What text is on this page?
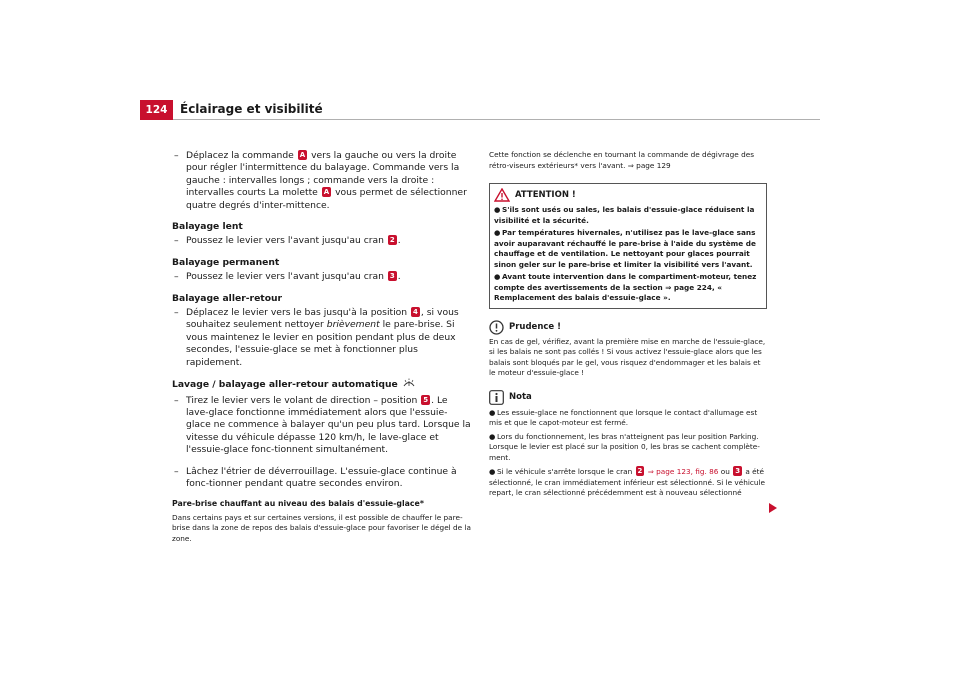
124	Éclairage et visibilité

– Déplacez la commande A vers la gauche ou vers la droite pour régler l'intermittence du balayage. Commande vers la gauche : intervalles longs ; commande vers la droite : intervalles courts La molette A vous permet de sélectionner quatre degrés d'inter-mittence.

Balayage lent

– Poussez le levier vers l'avant jusqu'au cran 2 .

Balayage permanent

– Poussez le levier vers l'avant jusqu'au cran 3 .

Balayage aller-retour

– Déplacez le levier vers le bas jusqu'à la position 4 , si vous souhaitez seulement nettoyer brièvement le pare-brise. Si vous maintenez le levier en position pendant plus de deux secondes, l'essuie-glace se met à fonctionner plus rapidement.

Lavage / balayage aller-retour automatique

– Tirez le levier vers le volant de direction – position 5 . Le lave-glace fonctionne immédiatement alors que l'essuie-glace ne commence à balayer qu'un peu plus tard. Lorsque la vitesse du véhicule dépasse 120 km/h, le lave-glace et l'essuie-glace fonc-tionnent simultanément.

– Lâchez l'étrier de déverrouillage. L'essuie-glace continue à fonc-tionner pendant quatre secondes environ.

Pare-brise chauffant au niveau des balais d'essuie-glace*

Dans certains pays et sur certaines versions, il est possible de chauffer le pare-brise dans la zone de repos des balais d'essuie-glace pour favoriser le dégel de la zone.

Cette fonction se déclenche en tournant la commande de dégivrage des rétro-viseurs extérieurs* vers l'avant. ⇒ page 129

ATTENTION !

● S'ils sont usés ou sales, les balais d'essuie-glace réduisent la visibilité et la sécurité.

● Par températures hivernales, n'utilisez pas le lave-glace sans avoir auparavant réchauffé le pare-brise à l'aide du système de chauffage et de ventilation. Le nettoyant pour glaces pourrait sinon geler sur le pare-brise et limiter la visibilité vers l'avant.

● Avant toute intervention dans le compartiment-moteur, tenez compte des avertissements de la section ⇒ page 224, « Remplacement des balais d'essuie-glace ».

Prudence !

En cas de gel, vérifiez, avant la première mise en marche de l'essuie-glace, si les balais ne sont pas collés ! Si vous activez l'essuie-glace alors que les balais sont bloqués par le gel, vous risquez d'endommager et les balais et le moteur d'essuie-glace !

Nota

● Les essuie-glace ne fonctionnent que lorsque le contact d'allumage est mis et que le capot-moteur est fermé.

● Lors du fonctionnement, les bras n'atteignent pas leur position Parking. Lorsque le levier est placé sur la position 0, les bras se cachent complète-ment.

● Si le véhicule s'arrête lorsque le cran 2 ⇒ page 123, fig. 86 ou 3 a été sélectionné, le cran immédiatement inférieur est sélectionné. Si le véhicule repart, le cran sélectionné précédemment est à nouveau sélectionné
